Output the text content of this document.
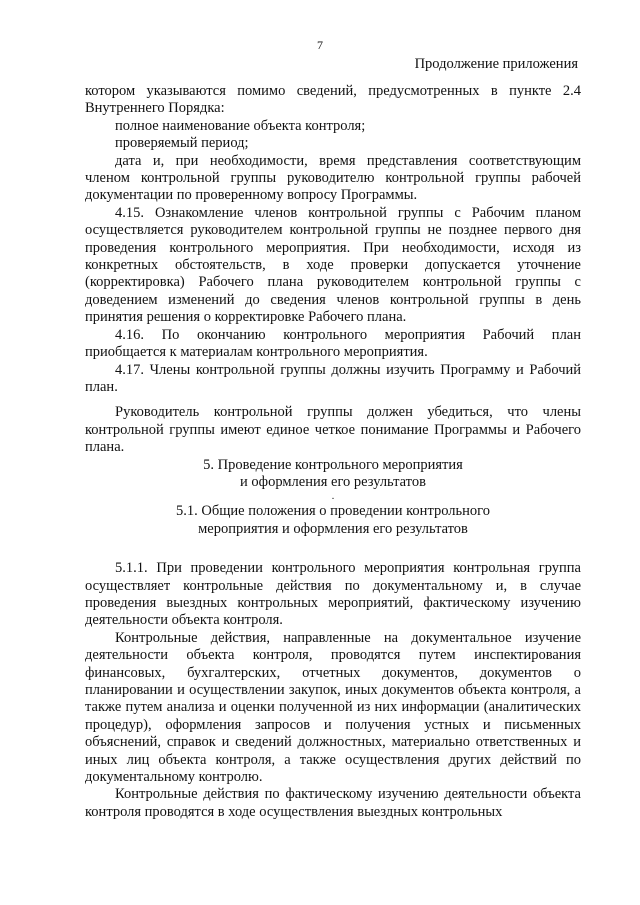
7
Продолжение приложения

котором указываются помимо сведений, предусмотренных в пункте 2.4 Внутреннего Порядка:

полное наименование объекта контроля;

проверяемый период;

дата и, при необходимости, время представления соответствующим членом контрольной группы руководителю контрольной группы рабочей документации по проверенному вопросу Программы.

4.15. Ознакомление членов контрольной группы с Рабочим планом осуществляется руководителем контрольной группы не позднее первого дня проведения контрольного мероприятия. При необходимости, исходя из конкретных обстоятельств, в ходе проверки допускается уточнение (корректировка) Рабочего плана руководителем контрольной группы с доведением изменений до сведения членов контрольной группы в день принятия решения о корректировке Рабочего плана.

4.16. По окончанию контрольного мероприятия Рабочий план приобщается к материалам контрольного мероприятия.

4.17. Члены контрольной группы должны изучить Программу и Рабочий план.

Руководитель контрольной группы должен убедиться, что члены контрольной группы имеют единое четкое понимание Программы и Рабочего плана.

5. Проведение контрольного мероприятия

и оформления его результатов

.

5.1. Общие положения о проведении контрольного

мероприятия и оформления его результатов

5.1.1. При проведении контрольного мероприятия контрольная группа осуществляет контрольные действия по документальному и, в случае проведения выездных контрольных мероприятий, фактическому изучению деятельности объекта контроля.

Контрольные действия, направленные на документальное изучение деятельности объекта контроля, проводятся путем инспектирования финансовых, бухгалтерских, отчетных документов, документов о планировании и осуществлении закупок, иных документов объекта контроля, а также путем анализа и оценки полученной из них информации (аналитических процедур), оформления запросов и получения устных и письменных объяснений, справок и сведений должностных, материально ответственных и иных лиц объекта контроля, а также осуществления других действий по документальному контролю.

Контрольные действия по фактическому изучению деятельности объекта контроля проводятся в ходе осуществления выездных контрольных
